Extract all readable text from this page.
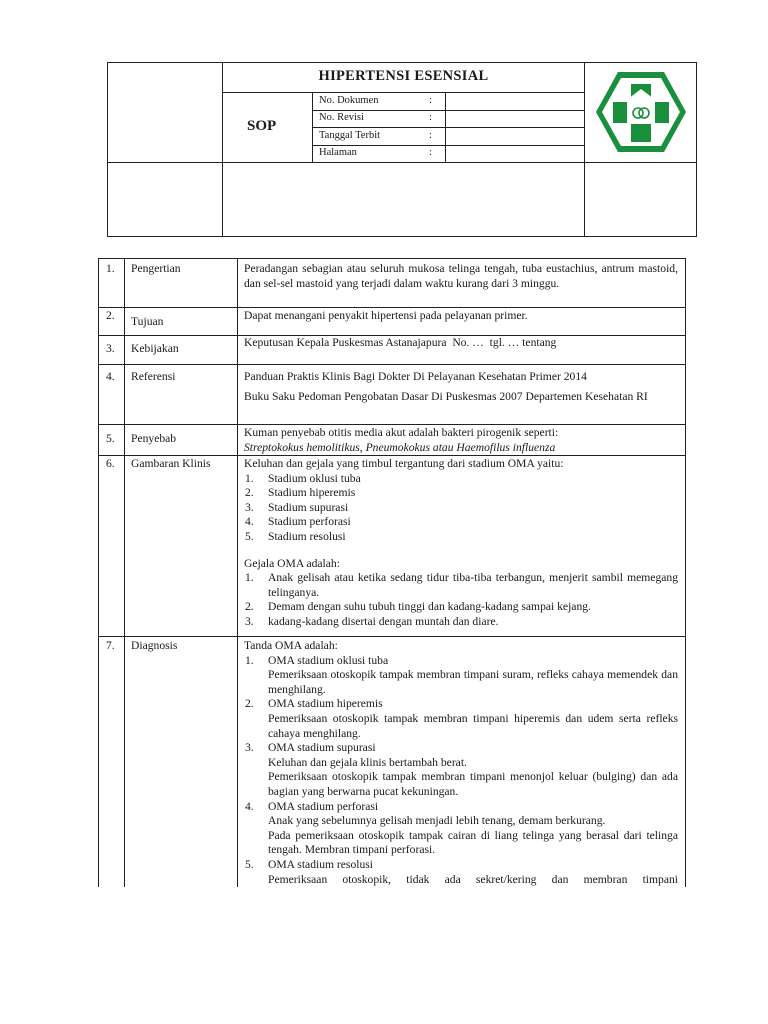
HIPERTENSI ESENSIAL
SOP
No. Dokumen	:
No. Revisi	:
Tanggal Terbit	:
Halaman	:
1. Pengertian	Peradangan sebagian atau seluruh mukosa telinga tengah, tuba eustachius, antrum mastoid, dan sel-sel mastoid yang terjadi dalam waktu kurang dari 3 minggu.
2. Tujuan	Dapat menangani penyakit hipertensi pada pelayanan primer.
3. Kebijakan	Keputusan Kepala Puskesmas Astanajapura  No. …  tgl. … tentang
4. Referensi	Panduan Praktis Klinis Bagi Dokter Di Pelayanan Kesehatan Primer 2014
Buku Saku Pedoman Pengobatan Dasar Di Puskesmas 2007 Departemen Kesehatan RI
5. Penyebab	Kuman penyebab otitis media akut adalah bakteri pirogenik seperti:
Streptokokus hemolitikus, Pneumokokus atau Haemofilus influenza
6. Gambaran Klinis	Keluhan dan gejala yang timbul tergantung dari stadium OMA yaitu:
1. Stadium oklusi tuba
2. Stadium hiperemis
3. Stadium supurasi
4. Stadium perforasi
5. Stadium resolusi
Gejala OMA adalah:
1. Anak gelisah atau ketika sedang tidur tiba-tiba terbangun, menjerit sambil memegang telinganya.
2. Demam dengan suhu tubuh tinggi dan kadang-kadang sampai kejang.
3. kadang-kadang disertai dengan muntah dan diare.
7. Diagnosis	Tanda OMA adalah:
1. OMA stadium oklusi tuba
Pemeriksaan otoskopik tampak membran timpani suram, refleks cahaya memendek dan menghilang.
2. OMA stadium hiperemis
Pemeriksaan otoskopik tampak membran timpani hiperemis dan udem serta refleks cahaya menghilang.
3. OMA stadium supurasi
Keluhan dan gejala klinis bertambah berat.
Pemeriksaan otoskopik tampak membran timpani menonjol keluar (bulging) dan ada bagian yang berwarna pucat kekuningan.
4. OMA stadium perforasi
Anak yang sebelumnya gelisah menjadi lebih tenang, demam berkurang.
Pada pemeriksaan otoskopik tampak cairan di liang telinga yang berasal dari telinga tengah. Membran timpani perforasi.
5. OMA stadium resolusi
Pemeriksaan otoskopik, tidak ada sekret/kering dan membran timpani
